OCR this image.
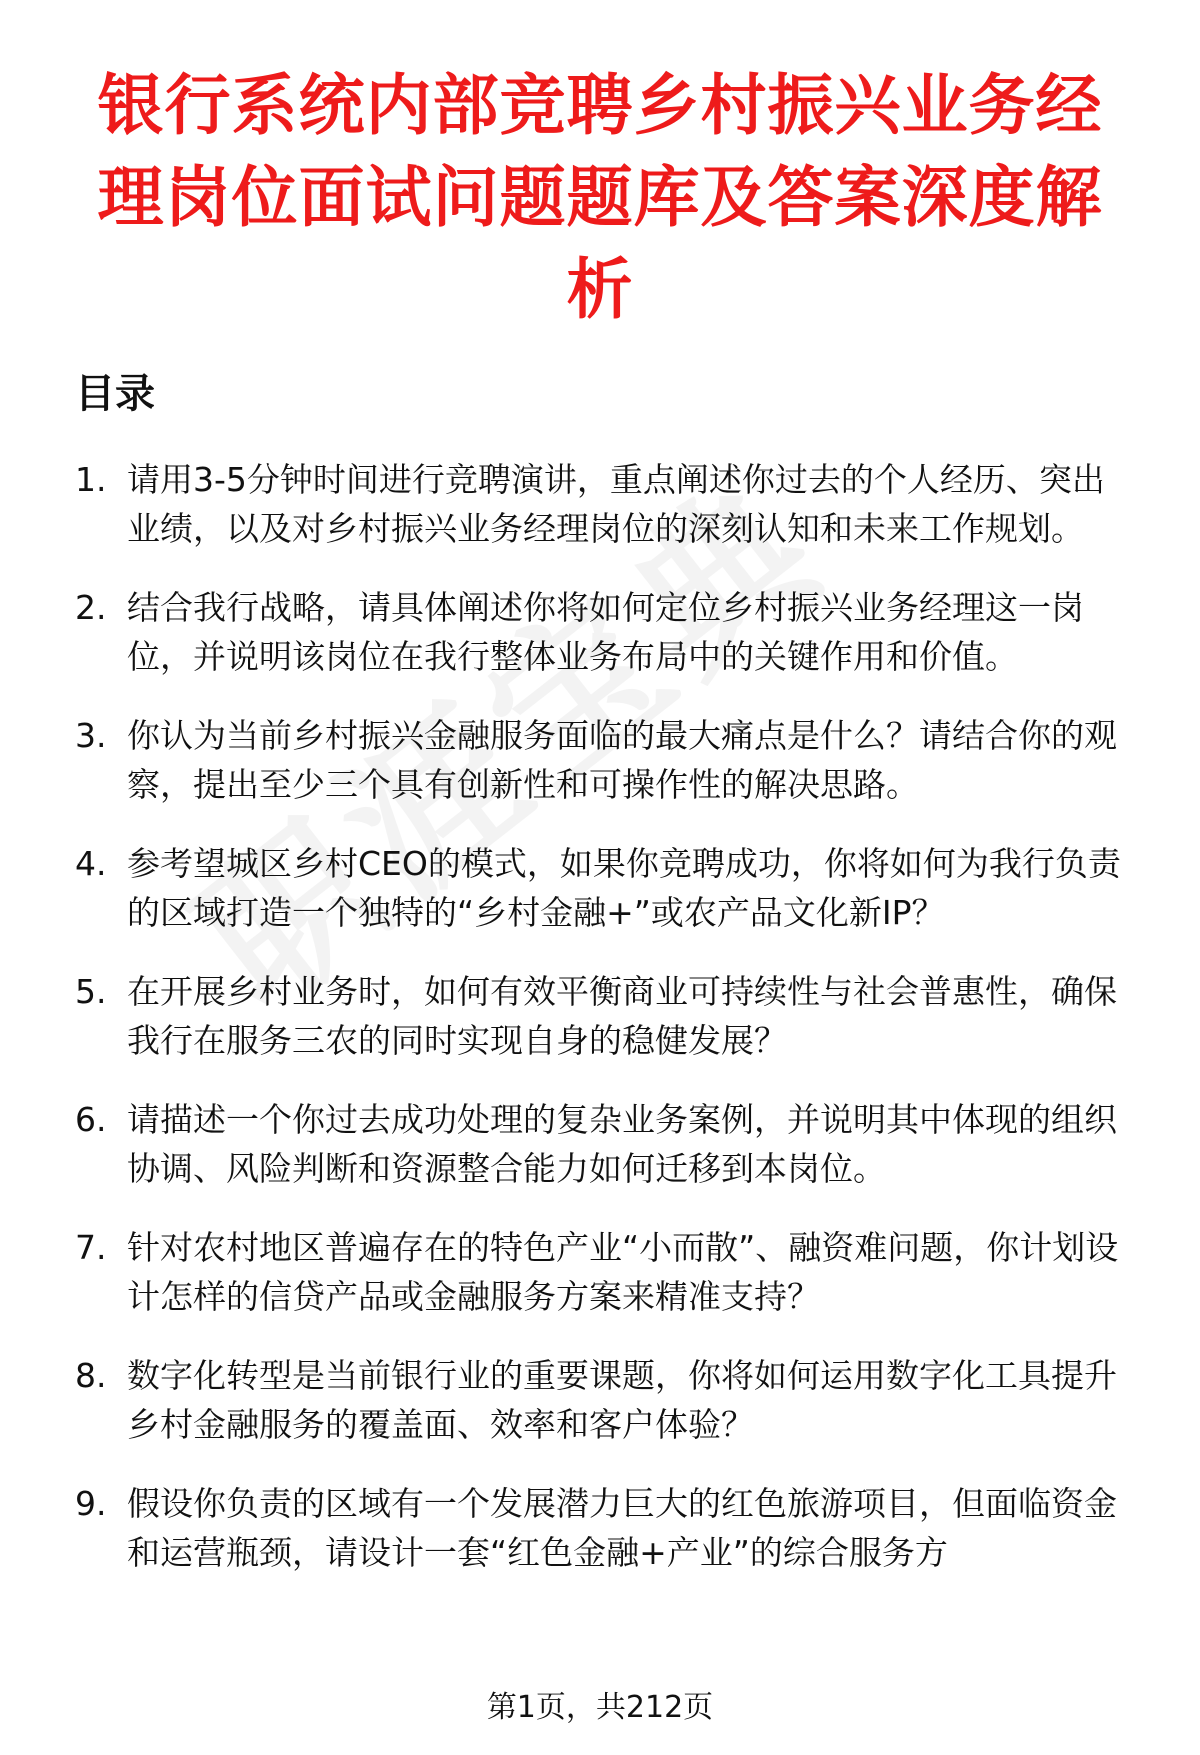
银行系统内部竞聘乡村振兴业务经理岗位面试问题题库及答案深度解析
目录
1. 请用3-5分钟时间进行竞聘演讲，重点阐述你过去的个人经历、突出业绩，以及对乡村振兴业务经理岗位的深刻认知和未来工作规划。
2. 结合我行战略，请具体阐述你将如何定位乡村振兴业务经理这一岗位，并说明该岗位在我行整体业务布局中的关键作用和价值。
3. 你认为当前乡村振兴金融服务面临的最大痛点是什么？请结合你的观察，提出至少三个具有创新性和可操作性的解决思路。
4. 参考望城区乡村CEO的模式，如果你竞聘成功，你将如何为我行负责的区域打造一个独特的“乡村金融+”或农产品文化新IP？
5. 在开展乡村业务时，如何有效平衡商业可持续性与社会普惠性，确保我行在服务三农的同时实现自身的稳健发展？
6. 请描述一个你过去成功处理的复杂业务案例，并说明其中体现的组织协调、风险判断和资源整合能力如何迁移到本岗位。
7. 针对农村地区普遍存在的特色产业“小而散”、融资难问题，你计划设计怎样的信贷产品或金融服务方案来精准支持？
8. 数字化转型是当前银行业的重要课题，你将如何运用数字化工具提升乡村金融服务的覆盖面、效率和客户体验？
9. 假设你负责的区域有一个发展潜力巨大的红色旅游项目，但面临资金和运营瓶颈，请设计一套“红色金融+产业”的综合服务方
第1页，共212页
